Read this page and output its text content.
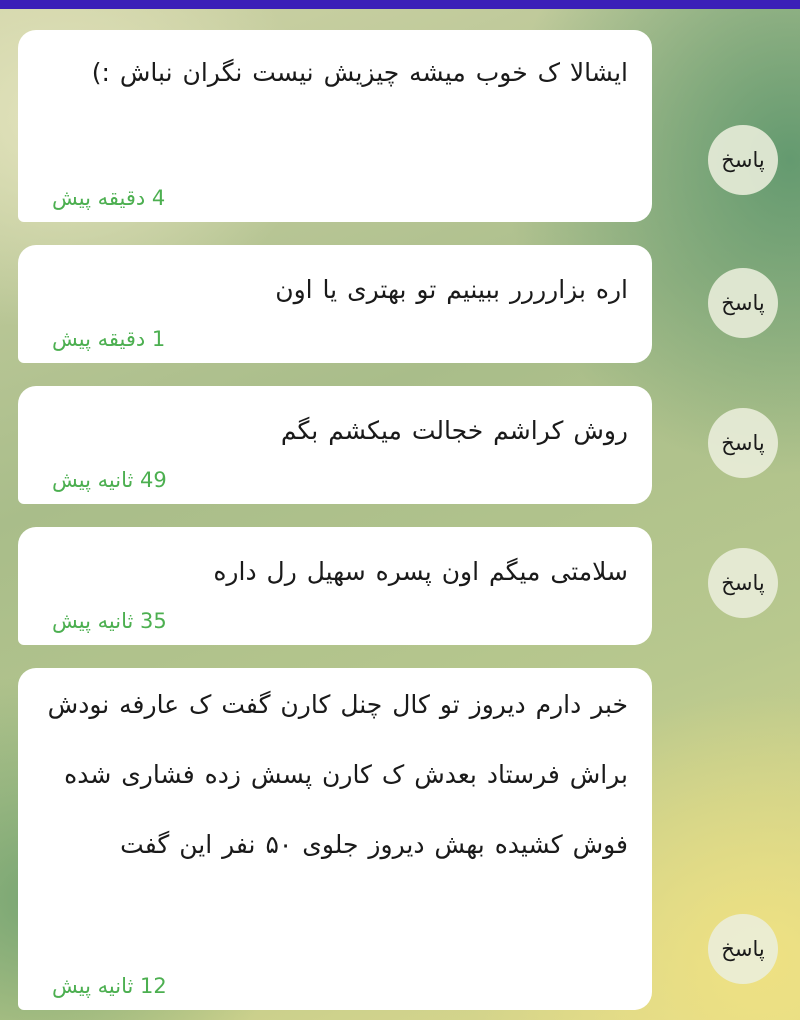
ایشالا ک خوب میشه چیزیش نیست نگران نباش :)
4 دقیقه پیش
پاسخ
اره بزارررر ببینیم تو بهتری یا اون
1 دقیقه پیش
پاسخ
روش کراشم خجالت میکشم بگم
49 ثانیه پیش
پاسخ
سلامتی میگم اون پسره سهیل رل داره
35 ثانیه پیش
پاسخ
خبر دارم دیروز تو کال چنل کارن گفت ک عارفه نودش براش فرستاد بعدش ک کارن پسش زده فشاری شده فوش کشیده بهش دیروز جلوی ۵۰ نفر این گفت
12 ثانیه پیش
پاسخ
